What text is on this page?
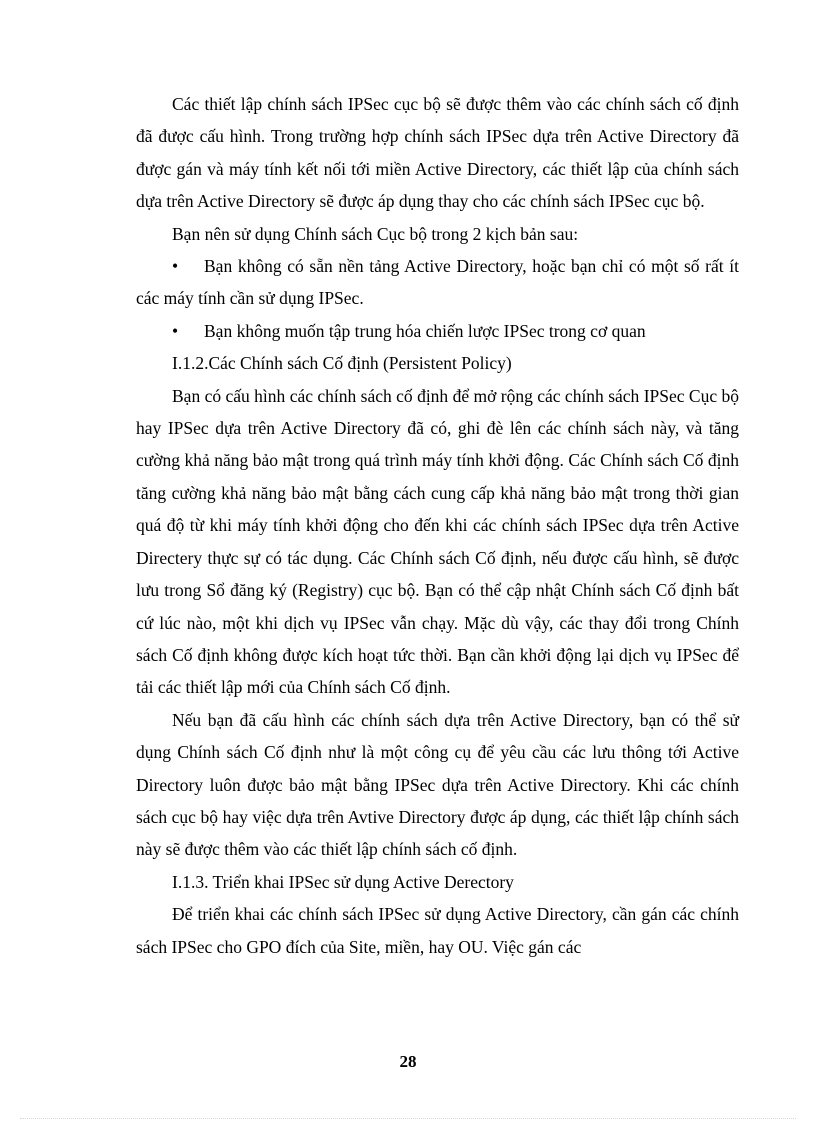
Các thiết lập chính sách IPSec cục bộ sẽ được thêm vào các chính sách cố định đã được cấu hình. Trong trường hợp chính sách IPSec dựa trên Active Directory đã được gán và máy tính kết nối tới miền Active Directory, các thiết lập của chính sách dựa trên Active Directory sẽ được áp dụng thay cho các chính sách IPSec cục bộ.

Bạn nên sử dụng Chính sách Cục bộ trong 2 kịch bản sau:

• Bạn không có sẵn nền tảng Active Directory, hoặc bạn chỉ có một số rất ít các máy tính cần sử dụng IPSec.

• Bạn không muốn tập trung hóa chiến lược IPSec trong cơ quan

I.1.2.Các Chính sách Cố định (Persistent Policy)

Bạn có cấu hình các chính sách cố định để mở rộng các chính sách IPSec Cục bộ hay IPSec dựa trên Active Directory đã có, ghi đè lên các chính sách này, và tăng cường khả năng bảo mật trong quá trình máy tính khởi động. Các Chính sách Cố định tăng cường khả năng bảo mật bằng cách cung cấp khả năng bảo mật trong thời gian quá độ từ khi máy tính khởi động cho đến khi các chính sách IPSec dựa trên Active Directery thực sự có tác dụng. Các Chính sách Cố định, nếu được cấu hình, sẽ được lưu trong Sổ đăng ký (Registry) cục bộ. Bạn có thể cập nhật Chính sách Cố định bất cứ lúc nào, một khi dịch vụ IPSec vẫn chạy. Mặc dù vậy, các thay đổi trong Chính sách Cố định không được kích hoạt tức thời. Bạn cần khởi động lại dịch vụ IPSec để tải các thiết lập mới của Chính sách Cố định.

Nếu bạn đã cấu hình các chính sách dựa trên Active Directory, bạn có thể sử dụng Chính sách Cố định như là một công cụ để yêu cầu các lưu thông tới Active Directory luôn được bảo mật bằng IPSec dựa trên Active Directory. Khi các chính sách cục bộ hay việc dựa trên Avtive Directory được áp dụng, các thiết lập chính sách này sẽ được thêm vào các thiết lập chính sách cố định.

I.1.3. Triển khai IPSec sử dụng Active Derectory

Để triển khai các chính sách IPSec sử dụng Active Directory, cần gán các chính sách IPSec cho GPO đích của Site, miền, hay OU. Việc gán các

28
